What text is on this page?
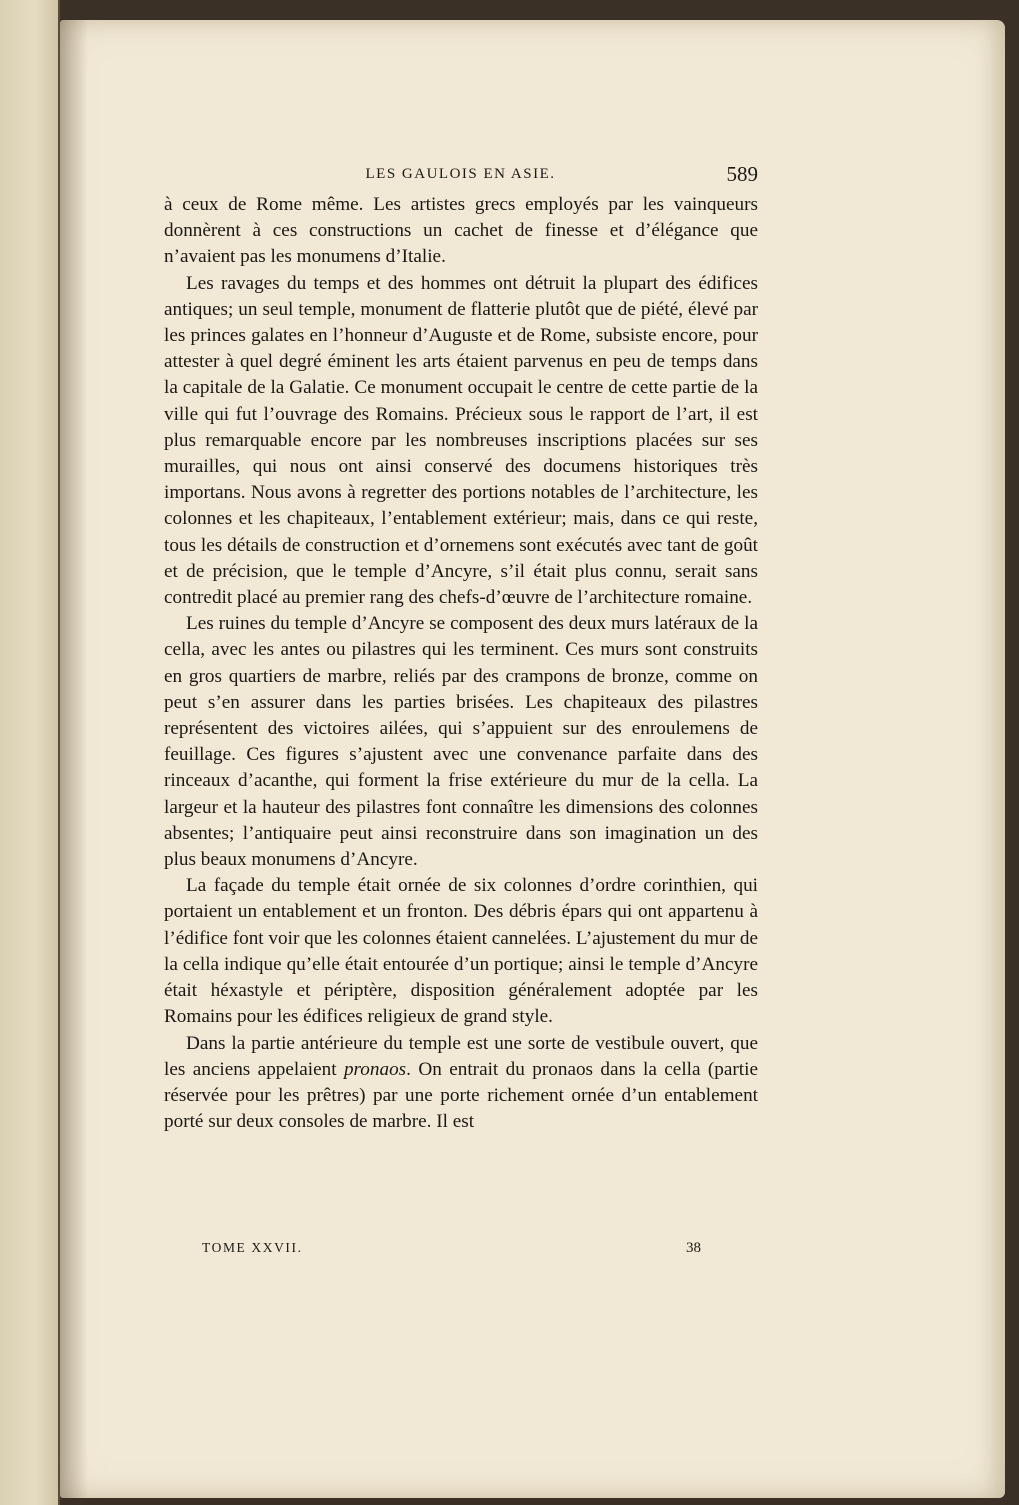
LES GAULOIS EN ASIE.	589

à ceux de Rome même. Les artistes grecs employés par les vainqueurs donnèrent à ces constructions un cachet de finesse et d’élégance que n’avaient pas les monumens d’Italie.

Les ravages du temps et des hommes ont détruit la plupart des édifices antiques; un seul temple, monument de flatterie plutôt que de piété, élevé par les princes galates en l’honneur d’Auguste et de Rome, subsiste encore, pour attester à quel degré éminent les arts étaient parvenus en peu de temps dans la capitale de la Galatie. Ce monument occupait le centre de cette partie de la ville qui fut l’ouvrage des Romains. Précieux sous le rapport de l’art, il est plus remarquable encore par les nombreuses inscriptions placées sur ses murailles, qui nous ont ainsi conservé des documens historiques très importans. Nous avons à regretter des portions notables de l’architecture, les colonnes et les chapiteaux, l’entablement extérieur; mais, dans ce qui reste, tous les détails de construction et d’ornemens sont exécutés avec tant de goût et de précision, que le temple d’Ancyre, s’il était plus connu, serait sans contredit placé au premier rang des chefs-d’œuvre de l’architecture romaine.

Les ruines du temple d’Ancyre se composent des deux murs latéraux de la cella, avec les antes ou pilastres qui les terminent. Ces murs sont construits en gros quartiers de marbre, reliés par des crampons de bronze, comme on peut s’en assurer dans les parties brisées. Les chapiteaux des pilastres représentent des victoires ailées, qui s’appuient sur des enroulemens de feuillage. Ces figures s’ajustent avec une convenance parfaite dans des rinceaux d’acanthe, qui forment la frise extérieure du mur de la cella. La largeur et la hauteur des pilastres font connaître les dimensions des colonnes absentes; l’antiquaire peut ainsi reconstruire dans son imagination un des plus beaux monumens d’Ancyre.

La façade du temple était ornée de six colonnes d’ordre corinthien, qui portaient un entablement et un fronton. Des débris épars qui ont appartenu à l’édifice font voir que les colonnes étaient cannelées. L’ajustement du mur de la cella indique qu’elle était entourée d’un portique; ainsi le temple d’Ancyre était héxastyle et périptère, disposition généralement adoptée par les Romains pour les édifices religieux de grand style.

Dans la partie antérieure du temple est une sorte de vestibule ouvert, que les anciens appelaient pronaos. On entrait du pronaos dans la cella (partie réservée pour les prêtres) par une porte richement ornée d’un entablement porté sur deux consoles de marbre. Il est

TOME XXVII.	38
